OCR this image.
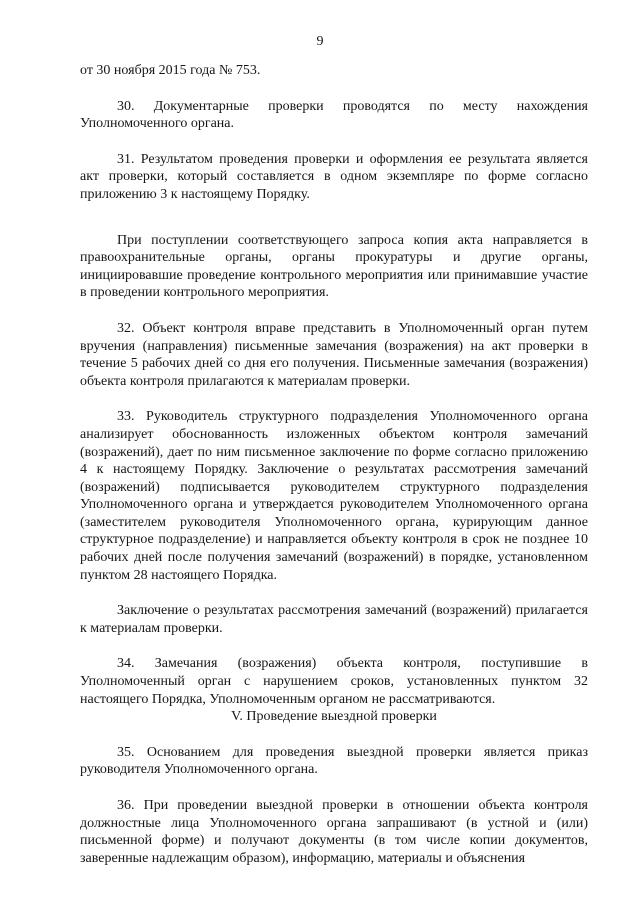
9

от 30 ноября 2015 года № 753.

30. Документарные проверки проводятся по месту нахождения Уполномоченного органа.

31. Результатом проведения проверки и оформления ее результата является акт проверки, который составляется в одном экземпляре по форме согласно приложению 3 к настоящему Порядку.

При поступлении соответствующего запроса копия акта направляется в правоохранительные органы, органы прокуратуры и другие органы, инициировавшие проведение контрольного мероприятия или принимавшие участие в проведении контрольного мероприятия.

32. Объект контроля вправе представить в Уполномоченный орган путем вручения (направления) письменные замечания (возражения) на акт проверки в течение 5 рабочих дней со дня его получения. Письменные замечания (возражения) объекта контроля прилагаются к материалам проверки.

33. Руководитель структурного подразделения Уполномоченного органа анализирует обоснованность изложенных объектом контроля замечаний (возражений), дает по ним письменное заключение по форме согласно приложению 4 к настоящему Порядку. Заключение о результатах рассмотрения замечаний (возражений) подписывается руководителем структурного подразделения Уполномоченного органа и утверждается руководителем Уполномоченного органа (заместителем руководителя Уполномоченного органа, курирующим данное структурное подразделение) и направляется объекту контроля в срок не позднее 10 рабочих дней после получения замечаний (возражений) в порядке, установленном пунктом 28 настоящего Порядка.

Заключение о результатах рассмотрения замечаний (возражений) прилагается к материалам проверки.

34. Замечания (возражения) объекта контроля, поступившие в Уполномоченный орган с нарушением сроков, установленных пунктом 32 настоящего Порядка, Уполномоченным органом не рассматриваются.

V. Проведение выездной проверки

35. Основанием для проведения выездной проверки является приказ руководителя Уполномоченного органа.

36. При проведении выездной проверки в отношении объекта контроля должностные лица Уполномоченного органа запрашивают (в устной и (или) письменной форме) и получают документы (в том числе копии документов, заверенные надлежащим образом), информацию, материалы и объяснения
